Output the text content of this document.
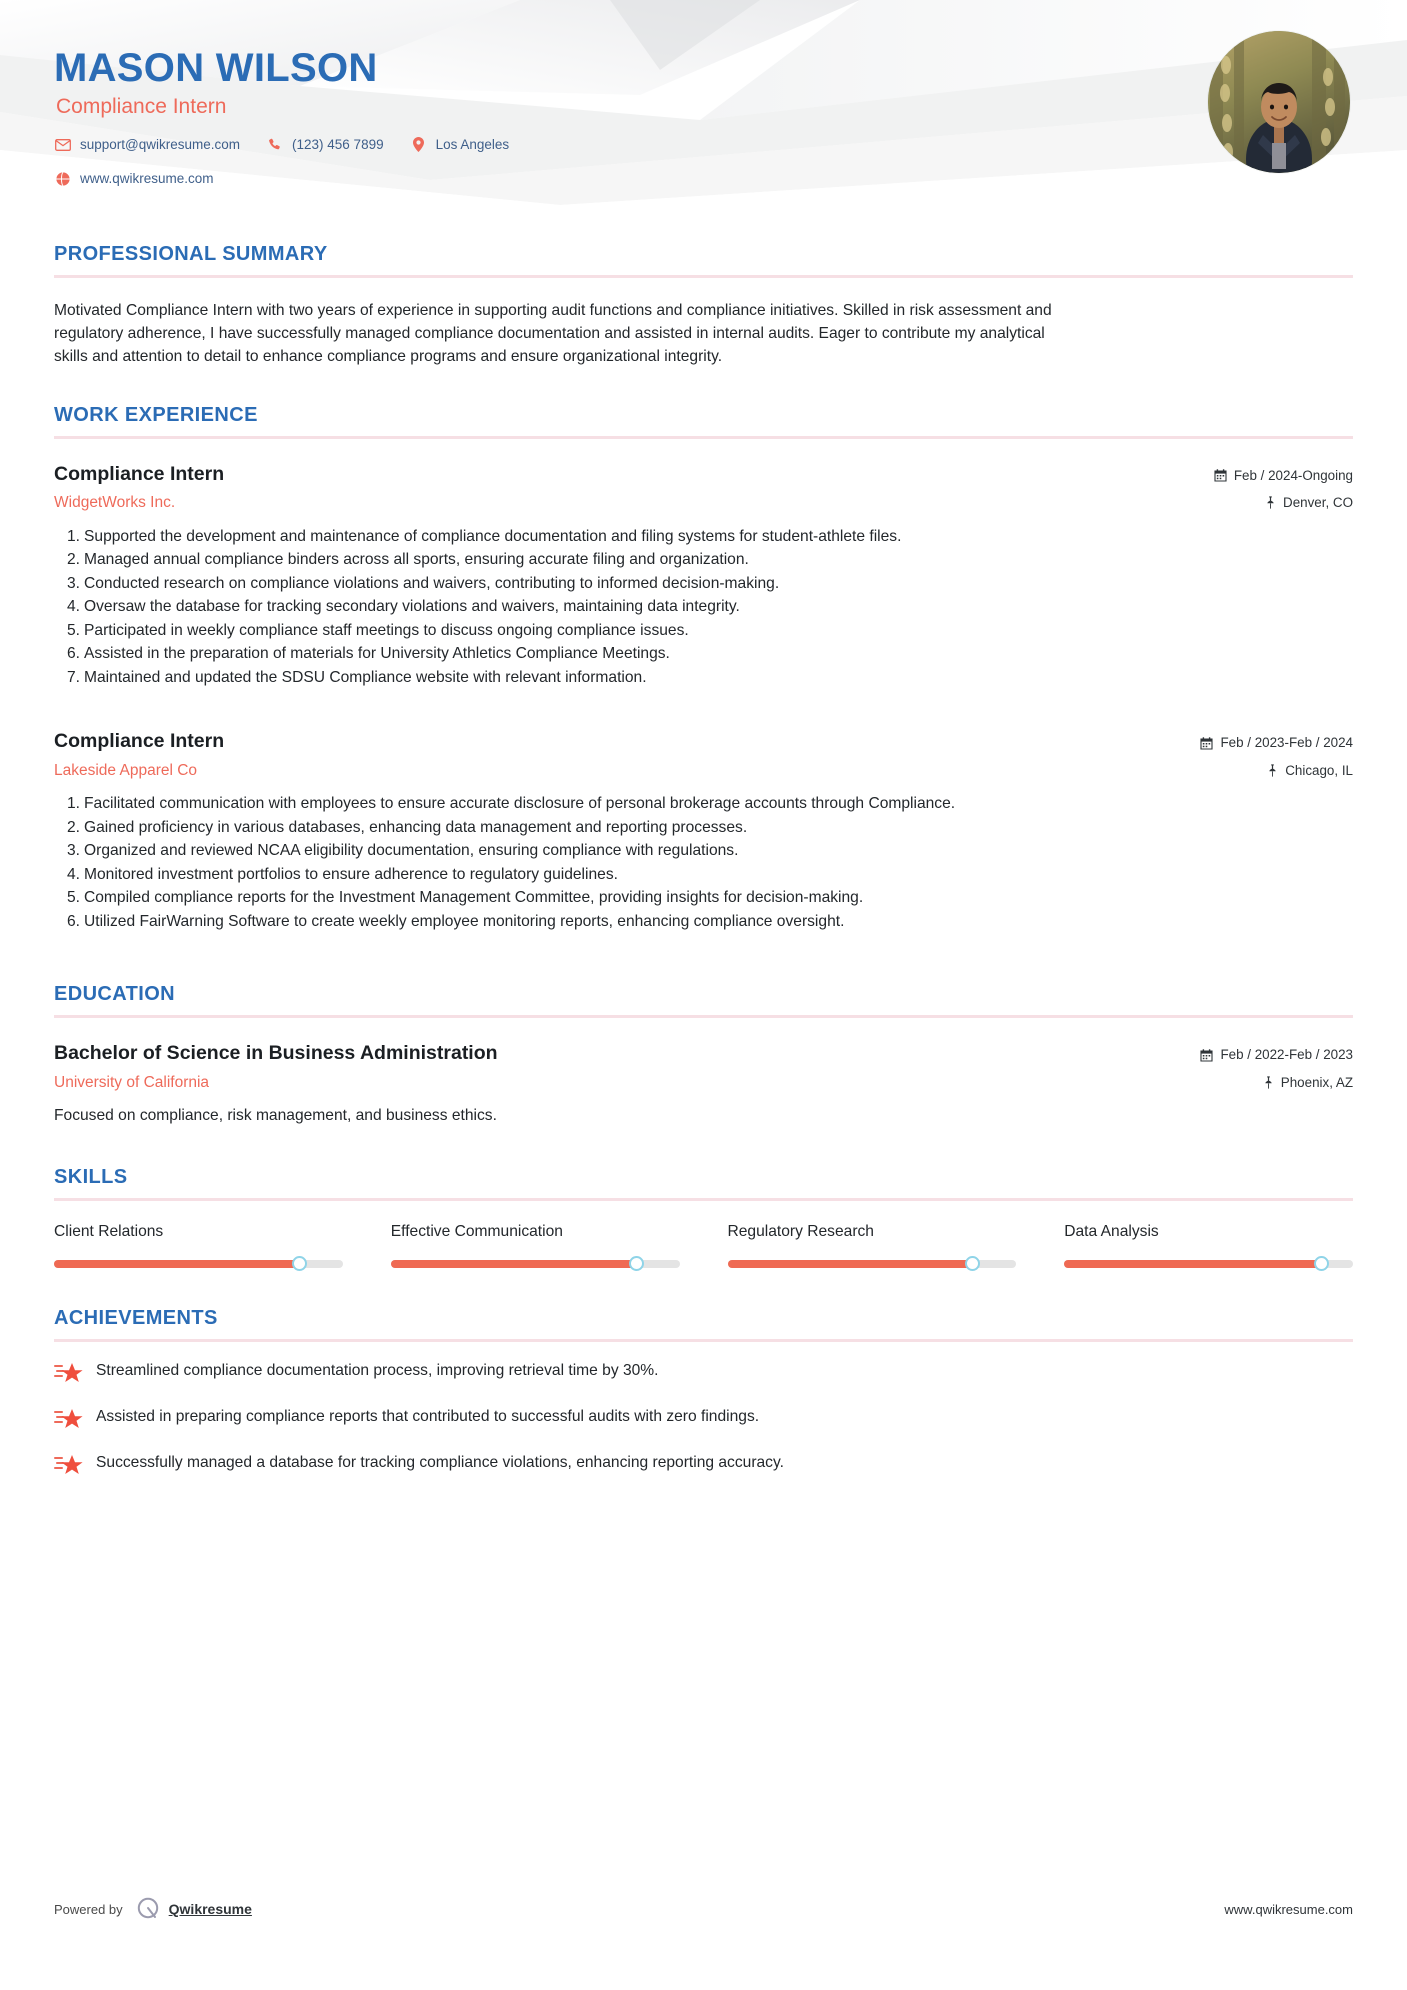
MASON WILSON
Compliance Intern
support@qwikresume.com	(123) 456 7899	Los Angeles
www.qwikresume.com
PROFESSIONAL SUMMARY

Motivated Compliance Intern with two years of experience in supporting audit functions and compliance initiatives. Skilled in risk assessment and regulatory adherence, I have successfully managed compliance documentation and assisted in internal audits. Eager to contribute my analytical skills and attention to detail to enhance compliance programs and ensure organizational integrity.

WORK EXPERIENCE
Compliance Intern
WidgetWorks Inc.
Feb / 2024-Ongoing
Denver, CO
Supported the development and maintenance of compliance documentation and filing systems for student-athlete files.
Managed annual compliance binders across all sports, ensuring accurate filing and organization.
Conducted research on compliance violations and waivers, contributing to informed decision-making.
Oversaw the database for tracking secondary violations and waivers, maintaining data integrity.
Participated in weekly compliance staff meetings to discuss ongoing compliance issues.
Assisted in the preparation of materials for University Athletics Compliance Meetings.
Maintained and updated the SDSU Compliance website with relevant information.
Compliance Intern
Lakeside Apparel Co
Feb / 2023-Feb / 2024
Chicago, IL
Facilitated communication with employees to ensure accurate disclosure of personal brokerage accounts through Compliance.
Gained proficiency in various databases, enhancing data management and reporting processes.
Organized and reviewed NCAA eligibility documentation, ensuring compliance with regulations.
Monitored investment portfolios to ensure adherence to regulatory guidelines.
Compiled compliance reports for the Investment Management Committee, providing insights for decision-making.
Utilized FairWarning Software to create weekly employee monitoring reports, enhancing compliance oversight.
EDUCATION
Bachelor of Science in Business Administration
University of California
Feb / 2022-Feb / 2023
Phoenix, AZ
Focused on compliance, risk management, and business ethics.
SKILLS
Client Relations	Effective Communication	Regulatory Research	Data Analysis
ACHIEVEMENTS
Streamlined compliance documentation process, improving retrieval time by 30%.
Assisted in preparing compliance reports that contributed to successful audits with zero findings.
Successfully managed a database for tracking compliance violations, enhancing reporting accuracy.
Powered by	Qwikresume	www.qwikresume.com
